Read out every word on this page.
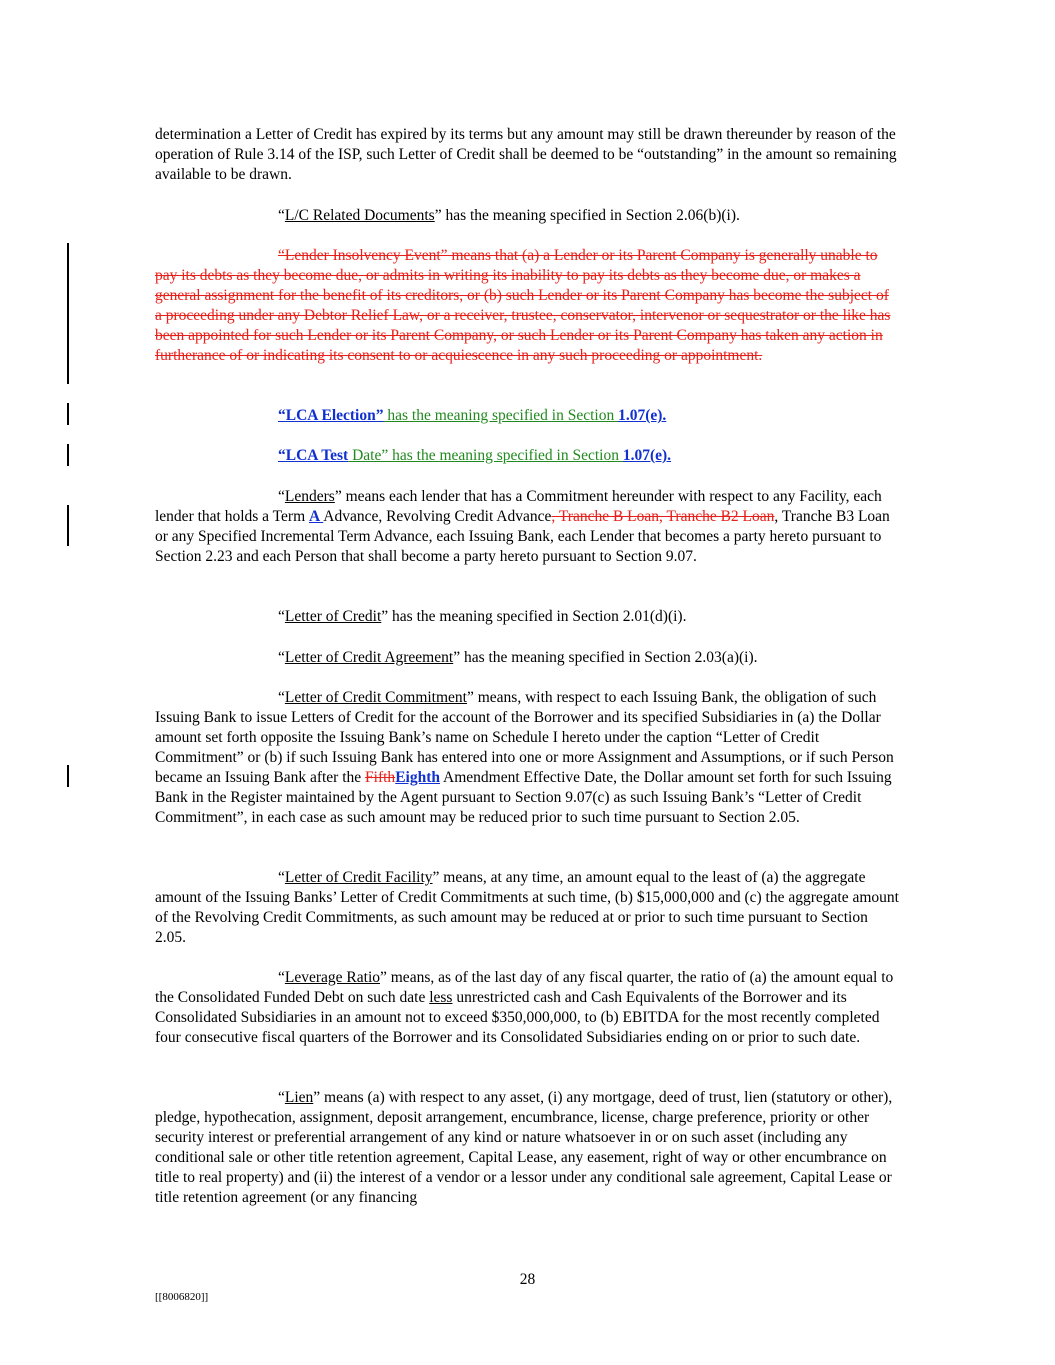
determination a Letter of Credit has expired by its terms but any amount may still be drawn thereunder by reason of the operation of Rule 3.14 of the ISP, such Letter of Credit shall be deemed to be “outstanding” in the amount so remaining available to be drawn.

“L/C Related Documents” has the meaning specified in Section 2.06(b)(i).

“Lender Insolvency Event” means that (a) a Lender or its Parent Company is generally unable to pay its debts as they become due, or admits in writing its inability to pay its debts as they become due, or makes a general assignment for the benefit of its creditors, or (b) such Lender or its Parent Company has become the subject of a proceeding under any Debtor Relief Law, or a receiver, trustee, conservator, intervenor or sequestrator or the like has been appointed for such Lender or its Parent Company, or such Lender or its Parent Company has taken any action in furtherance of or indicating its consent to or acquiescence in any such proceeding or appointment.

“LCA Election” has the meaning specified in Section 1.07(e).

“LCA Test Date” has the meaning specified in Section 1.07(e).

“Lenders” means each lender that has a Commitment hereunder with respect to any Facility, each lender that holds a Term A Advance, Revolving Credit Advance, Tranche B Loan, Tranche B2 Loan, Tranche B3 Loan or any Specified Incremental Term Advance, each Issuing Bank, each Lender that becomes a party hereto pursuant to Section 2.23 and each Person that shall become a party hereto pursuant to Section 9.07.

“Letter of Credit” has the meaning specified in Section 2.01(d)(i).

“Letter of Credit Agreement” has the meaning specified in Section 2.03(a)(i).

“Letter of Credit Commitment” means, with respect to each Issuing Bank, the obligation of such Issuing Bank to issue Letters of Credit for the account of the Borrower and its specified Subsidiaries in (a) the Dollar amount set forth opposite the Issuing Bank’s name on Schedule I hereto under the caption “Letter of Credit Commitment” or (b) if such Issuing Bank has entered into one or more Assignment and Assumptions, or if such Person became an Issuing Bank after the FifthEighth Amendment Effective Date, the Dollar amount set forth for such Issuing Bank in the Register maintained by the Agent pursuant to Section 9.07(c) as such Issuing Bank’s “Letter of Credit Commitment”, in each case as such amount may be reduced prior to such time pursuant to Section 2.05.

“Letter of Credit Facility” means, at any time, an amount equal to the least of (a) the aggregate amount of the Issuing Banks’ Letter of Credit Commitments at such time, (b) $15,000,000 and (c) the aggregate amount of the Revolving Credit Commitments, as such amount may be reduced at or prior to such time pursuant to Section 2.05.

“Leverage Ratio” means, as of the last day of any fiscal quarter, the ratio of (a) the amount equal to the Consolidated Funded Debt on such date less unrestricted cash and Cash Equivalents of the Borrower and its Consolidated Subsidiaries in an amount not to exceed $350,000,000, to (b) EBITDA for the most recently completed four consecutive fiscal quarters of the Borrower and its Consolidated Subsidiaries ending on or prior to such date.

“Lien” means (a) with respect to any asset, (i) any mortgage, deed of trust, lien (statutory or other), pledge, hypothecation, assignment, deposit arrangement, encumbrance, license, charge preference, priority or other security interest or preferential arrangement of any kind or nature whatsoever in or on such asset (including any conditional sale or other title retention agreement, Capital Lease, any easement, right of way or other encumbrance on title to real property) and (ii) the interest of a vendor or a lessor under any conditional sale agreement, Capital Lease or title retention agreement (or any financing

28
[[8006820]]
